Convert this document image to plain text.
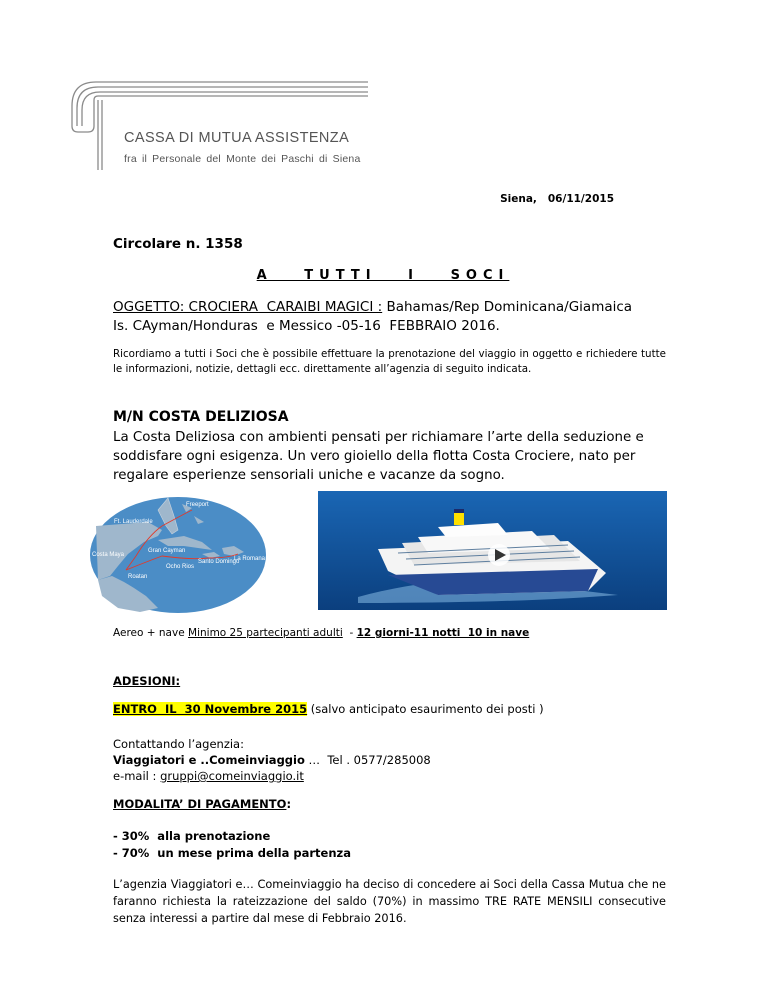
CASSA DI MUTUA ASSISTENZA
fra il Personale del Monte dei Paschi di Siena
Siena,   06/11/2015
Circolare n. 1358
A   TUTTI   I   SOCI
OGGETTO: CROCIERA  CARAIBI MAGICI : Bahamas/Rep Dominicana/Giamaica
Is. CAyman/Honduras  e Messico -05-16  FEBBRAIO 2016.
Ricordiamo a tutti i Soci che è possibile effettuare la prenotazione del viaggio in oggetto e richiedere tutte le informazioni, notizie, dettagli ecc. direttamente all’agenzia di seguito indicata.
M/N COSTA DELIZIOSA
La Costa Deliziosa con ambienti pensati per richiamare l’arte della seduzione e soddisfare ogni esigenza. Un vero gioiello della flotta Costa Crociere, nato per regalare esperienze sensoriali uniche e vacanze da sogno.
Freeport
Ft. Lauderdale
Costa Maya
Gran Cayman
Ocho Rios
Santo Domingo
La Romana
Roatan
Aereo + nave Minimo 25 partecipanti adulti  - 12 giorni-11 notti  10 in nave
ADESIONI:
ENTRO  IL  30 Novembre 2015 (salvo anticipato esaurimento dei posti )
Contattando l’agenzia:
Viaggiatori e ..Comeinviaggio …  Tel . 0577/285008
e-mail : gruppi@comeinviaggio.it
MODALITA’ DI PAGAMENTO:
- 30%  alla prenotazione
- 70%  un mese prima della partenza
L’agenzia Viaggiatori e… Comeinviaggio ha deciso di concedere ai Soci della Cassa Mutua che ne faranno richiesta la rateizzazione del saldo (70%) in massimo TRE RATE MENSILI consecutive senza interessi a partire dal mese di Febbraio 2016.
